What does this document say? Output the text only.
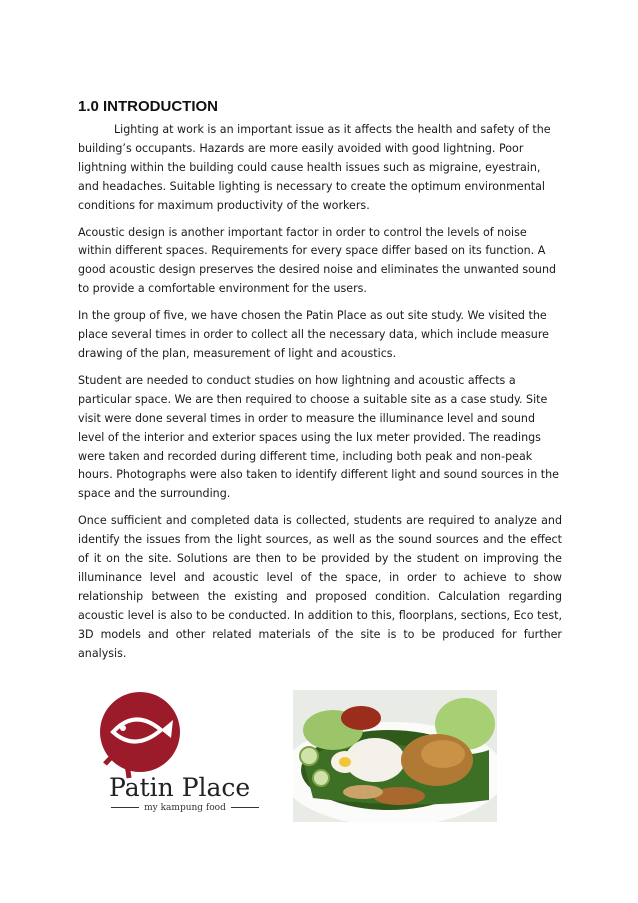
1.0 INTRODUCTION

Lighting at work is an important issue as it affects the health and safety of the building’s occupants. Hazards are more easily avoided with good lightning. Poor lightning within the building could cause health issues such as migraine, eyestrain, and headaches. Suitable lighting is necessary to create the optimum environmental conditions for maximum productivity of the workers.

Acoustic design is another important factor in order to control the levels of noise within different spaces. Requirements for every space differ based on its function. A good acoustic design preserves the desired noise and eliminates the unwanted sound to provide a comfortable environment for the users.

In the group of five, we have chosen the Patin Place as out site study. We visited the place several times in order to collect all the necessary data, which include measure drawing of the plan, measurement of light and acoustics.

Student are needed to conduct studies on how lightning and acoustic affects a particular space. We are then required to choose a suitable site as a case study. Site visit were done several times in order to measure the illuminance level and sound level of the interior and exterior spaces using the lux meter provided. The readings were taken and recorded during different time, including both peak and non-peak hours. Photographs were also taken to identify different light and sound sources in the space and the surrounding.

Once sufficient and completed data is collected, students are required to analyze and identify the issues from the light sources, as well as the sound sources and the effect of it on the site. Solutions are then to be provided by the student on improving the illuminance level and acoustic level of the space, in order to achieve to show relationship between the existing and proposed condition. Calculation regarding acoustic level is also to be conducted. In addition to this, floorplans, sections, Eco test, 3D models and other related materials of the site is to be produced for further analysis.

Patin Place
my kampung food
